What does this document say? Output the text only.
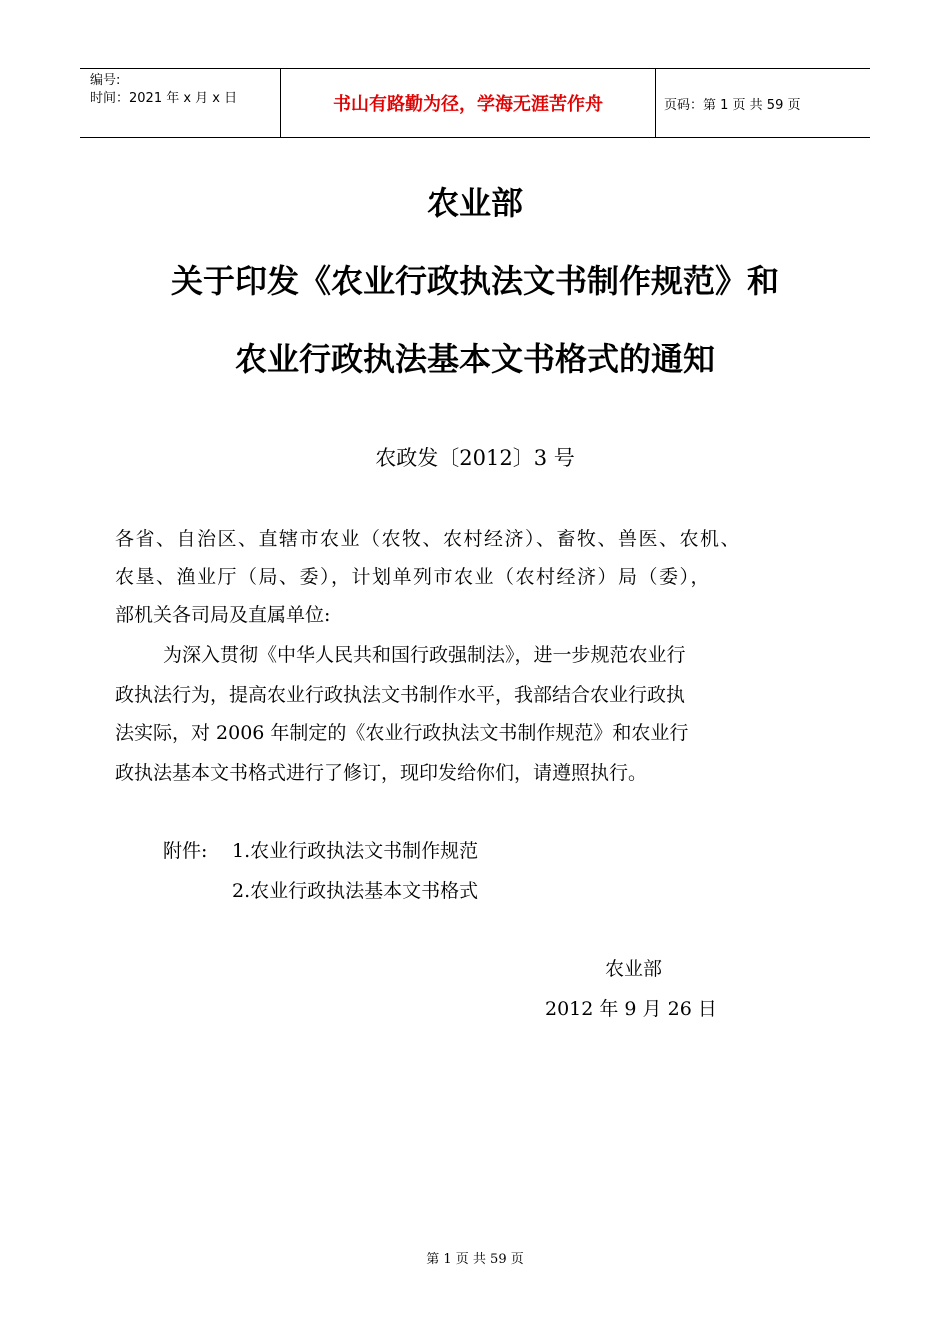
编号:
时间：2021 年 x 月 x 日	书山有路勤为径，学海无涯苦作舟	页码：第 1 页 共 59 页
农业部
关于印发《农业行政执法文书制作规范》和
农业行政执法基本文书格式的通知
农政发〔2012〕3 号
各省、自治区、直辖市农业（农牧、农村经济）、畜牧、兽医、农机、
农垦、渔业厅（局、委），计划单列市农业（农村经济）局（委），
部机关各司局及直属单位:
为深入贯彻《中华人民共和国行政强制法》，进一步规范农业行
政执法行为，提高农业行政执法文书制作水平，我部结合农业行政执
法实际，对 2006 年制定的《农业行政执法文书制作规范》和农业行
政执法基本文书格式进行了修订，现印发给你们，请遵照执行。
附件: 1.农业行政执法文书制作规范
2.农业行政执法基本文书格式
农业部
2012 年 9 月 26 日
第 1 页 共 59 页
